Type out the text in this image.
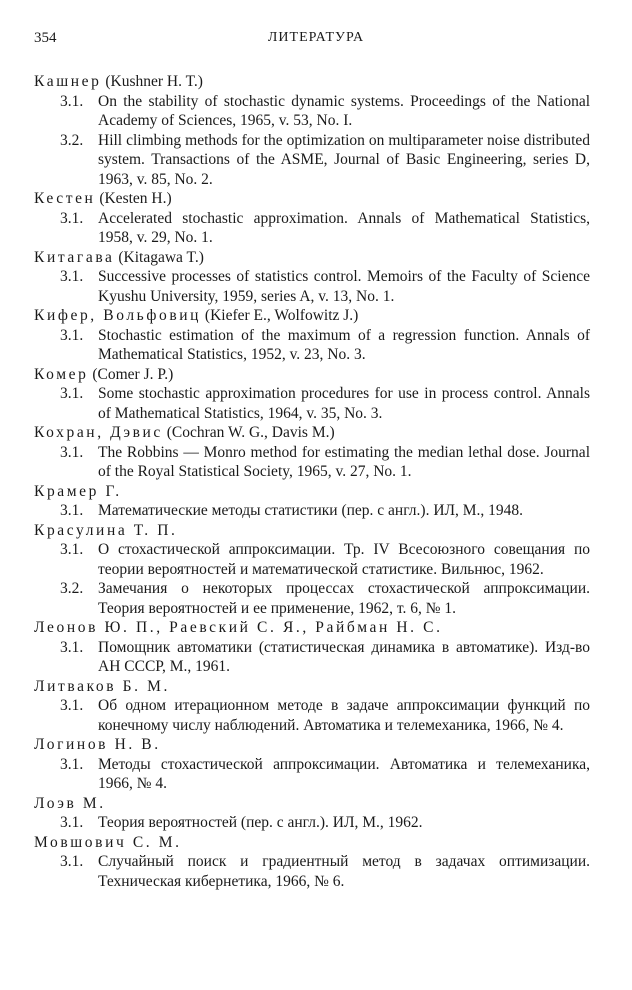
354	ЛИТЕРАТУРА

Кашнер (Kushner H. T.)

3.1. On the stability of stochastic dynamic systems. Proceedings of the National Academy of Sciences, 1965, v. 53, No. I.

3.2. Hill climbing methods for the optimization on multiparameter noise distributed system. Transactions of the ASME, Journal of Basic Engineering, series D, 1963, v. 85, No. 2.

Кестен (Kesten H.)

3.1. Accelerated stochastic approximation. Annals of Mathematical Statistics, 1958, v. 29, No. 1.

Китагава (Kitagawa T.)

3.1. Successive processes of statistics control. Memoirs of the Faculty of Science Kyushu University, 1959, series A, v. 13, No. 1.

Кифер, Вольфовиц (Kiefer E., Wolfowitz J.)

3.1. Stochastic estimation of the maximum of a regression function. Annals of Mathematical Statistics, 1952, v. 23, No. 3.

Комер (Comer J. P.)

3.1. Some stochastic approximation procedures for use in process control. Annals of Mathematical Statistics, 1964, v. 35, No. 3.

Кохран, Дэвис (Cochran W. G., Davis M.)

3.1. The Robbins — Monro method for estimating the median lethal dose. Journal of the Royal Statistical Society, 1965, v. 27, No. 1.

Крамер Г.

3.1. Математические методы статистики (пер. с англ.). ИЛ, М., 1948.

Красулина Т. П.

3.1. О стохастической аппроксимации. Тр. IV Всесоюзного совещания по теории вероятностей и математической статистике. Вильнюс, 1962.

3.2. Замечания о некоторых процессах стохастической аппроксимации. Теория вероятностей и ее применение, 1962, т. 6, № 1.

Леонов Ю. П., Раевский С. Я., Райбман Н. С.

3.1. Помощник автоматики (статистическая динамика в автоматике). Изд-во АН СССР, М., 1961.

Литваков Б. М.

3.1. Об одном итерационном методе в задаче аппроксимации функций по конечному числу наблюдений. Автоматика и телемеханика, 1966, № 4.

Логинов Н. В.

3.1. Методы стохастической аппроксимации. Автоматика и телемеханика, 1966, № 4.

Лоэв М.

3.1. Теория вероятностей (пер. с англ.). ИЛ, М., 1962.

Мовшович С. М.

3.1. Случайный поиск и градиентный метод в задачах оптимизации. Техническая кибернетика, 1966, № 6.
